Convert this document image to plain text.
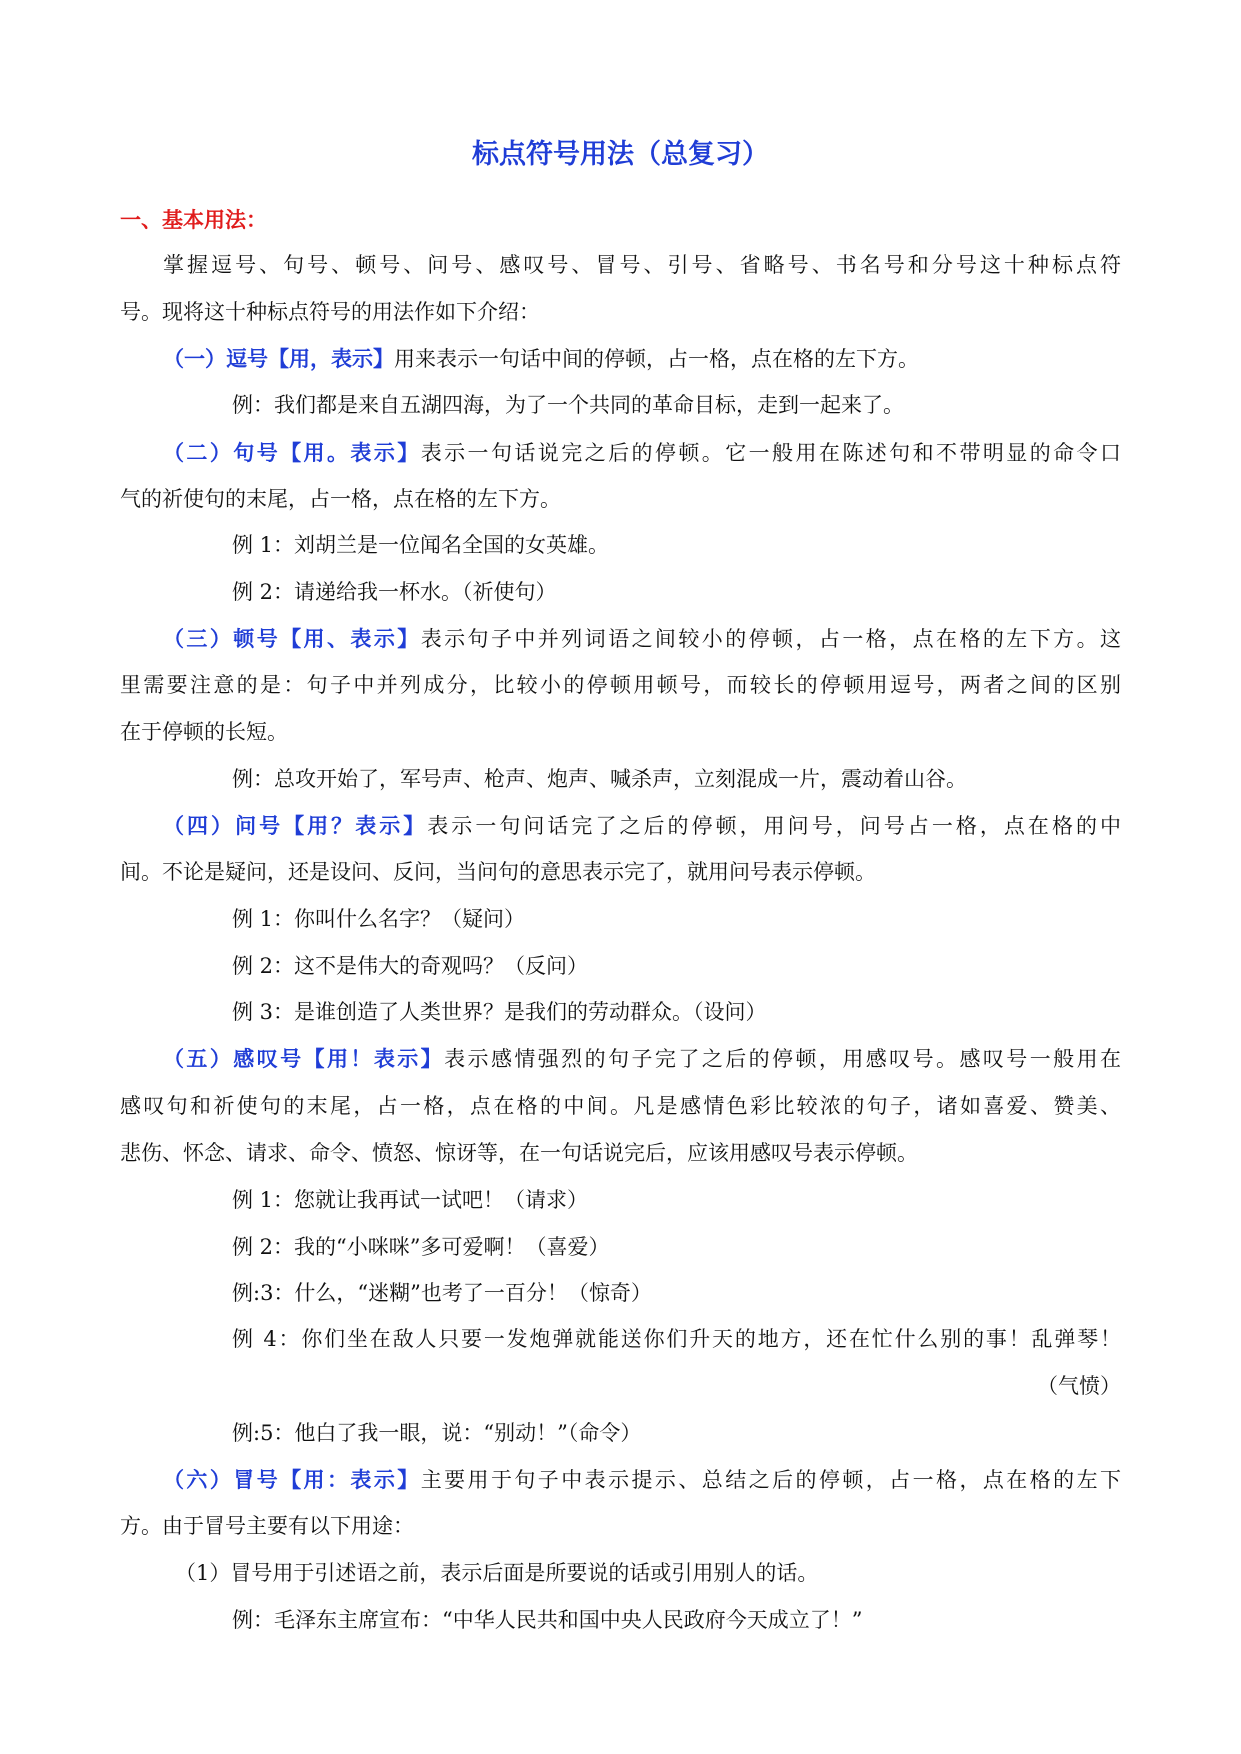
标点符号用法（总复习）
一、基本用法：
掌握逗号、句号、顿号、问号、感叹号、冒号、引号、省略号、书名号和分号这十种标点符
号。现将这十种标点符号的用法作如下介绍：
（一）逗号【用，表示】用来表示一句话中间的停顿，占一格，点在格的左下方。
例：我们都是来自五湖四海，为了一个共同的革命目标，走到一起来了。
（二）句号【用。表示】表示一句话说完之后的停顿。它一般用在陈述句和不带明显的命令口
气的祈使句的末尾，占一格，点在格的左下方。
例 1：刘胡兰是一位闻名全国的女英雄。
例 2：请递给我一杯水。（祈使句）
（三）顿号【用、表示】表示句子中并列词语之间较小的停顿，占一格，点在格的左下方。这
里需要注意的是：句子中并列成分，比较小的停顿用顿号，而较长的停顿用逗号，两者之间的区别
在于停顿的长短。
例：总攻开始了，军号声、枪声、炮声、喊杀声，立刻混成一片，震动着山谷。
（四）问号【用？表示】表示一句问话完了之后的停顿，用问号，问号占一格，点在格的中
间。不论是疑问，还是设问、反问，当问句的意思表示完了，就用问号表示停顿。
例 1：你叫什么名字？（疑问）
例 2：这不是伟大的奇观吗？（反问）
例 3：是谁创造了人类世界？是我们的劳动群众。（设问）
（五）感叹号【用！表示】表示感情强烈的句子完了之后的停顿，用感叹号。感叹号一般用在
感叹句和祈使句的末尾，占一格，点在格的中间。凡是感情色彩比较浓的句子，诸如喜爱、赞美、
悲伤、怀念、请求、命令、愤怒、惊讶等，在一句话说完后，应该用感叹号表示停顿。
例 1：您就让我再试一试吧！（请求）
例 2：我的“小咪咪”多可爱啊！（喜爱）
例:3：什么，“迷糊”也考了一百分！（惊奇）
例 4：你们坐在敌人只要一发炮弹就能送你们升天的地方，还在忙什么别的事！乱弹琴！
（气愤）
例:5：他白了我一眼，说：“别动！”（命令）
（六）冒号【用：表示】主要用于句子中表示提示、总结之后的停顿，占一格，点在格的左下
方。由于冒号主要有以下用途：
（1）冒号用于引述语之前，表示后面是所要说的话或引用别人的话。
例：毛泽东主席宣布：“中华人民共和国中央人民政府今天成立了！”
